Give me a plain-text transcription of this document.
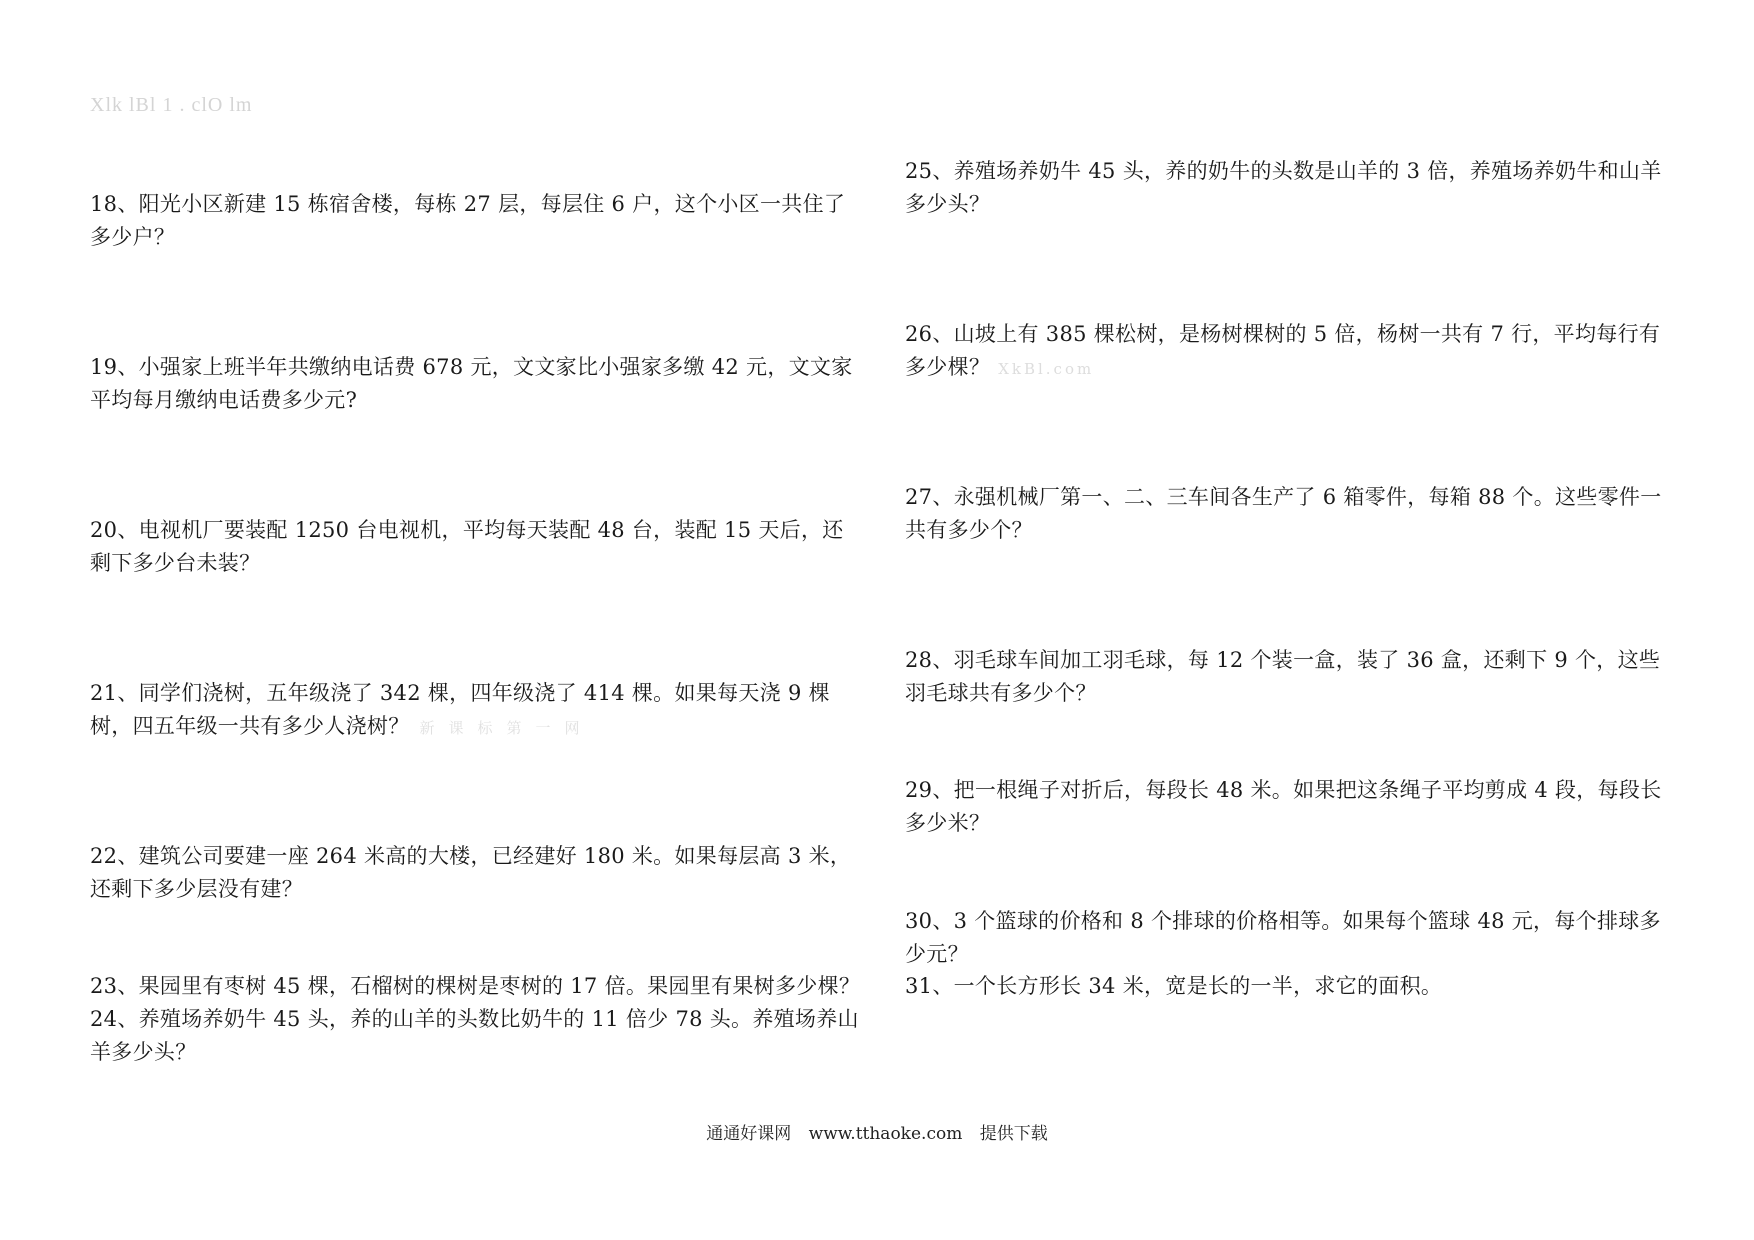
Xlk lBl 1 . clO lm
18、阳光小区新建 15 栋宿舍楼，每栋 27 层，每层住 6 户，这个小区一共住了多少户？
19、小强家上班半年共缴纳电话费 678 元，文文家比小强家多缴 42 元，文文家平均每月缴纳电话费多少元?
20、电视机厂要装配 1250 台电视机，平均每天装配 48 台，装配 15 天后，还剩下多少台未装？
21、同学们浇树，五年级浇了 342 棵，四年级浇了 414 棵。如果每天浇 9 棵树，四五年级一共有多少人浇树？ 新课标第一网
22、建筑公司要建一座 264 米高的大楼，已经建好 180 米。如果每层高 3 米，还剩下多少层没有建？
23、果园里有枣树 45 棵，石榴树的棵树是枣树的 17 倍。果园里有果树多少棵？
24、养殖场养奶牛 45 头，养的山羊的头数比奶牛的 11 倍少 78 头。养殖场养山羊多少头？
25、养殖场养奶牛 45 头，养的奶牛的头数是山羊的 3 倍，养殖场养奶牛和山羊多少头？
26、山坡上有 385 棵松树，是杨树棵树的 5 倍，杨树一共有 7 行，平均每行有多少棵？ XkBl.com
27、永强机械厂第一、二、三车间各生产了 6 箱零件，每箱 88 个。这些零件一共有多少个？
28、羽毛球车间加工羽毛球，每 12 个装一盒，装了 36 盒，还剩下 9 个，这些羽毛球共有多少个？
29、把一根绳子对折后，每段长 48 米。如果把这条绳子平均剪成 4 段，每段长多少米？
30、3 个篮球的价格和 8 个排球的价格相等。如果每个篮球 48 元，每个排球多少元？
31、一个长方形长 34 米，宽是长的一半，求它的面积。
通通好课网 www.tthaoke.com 提供下载
